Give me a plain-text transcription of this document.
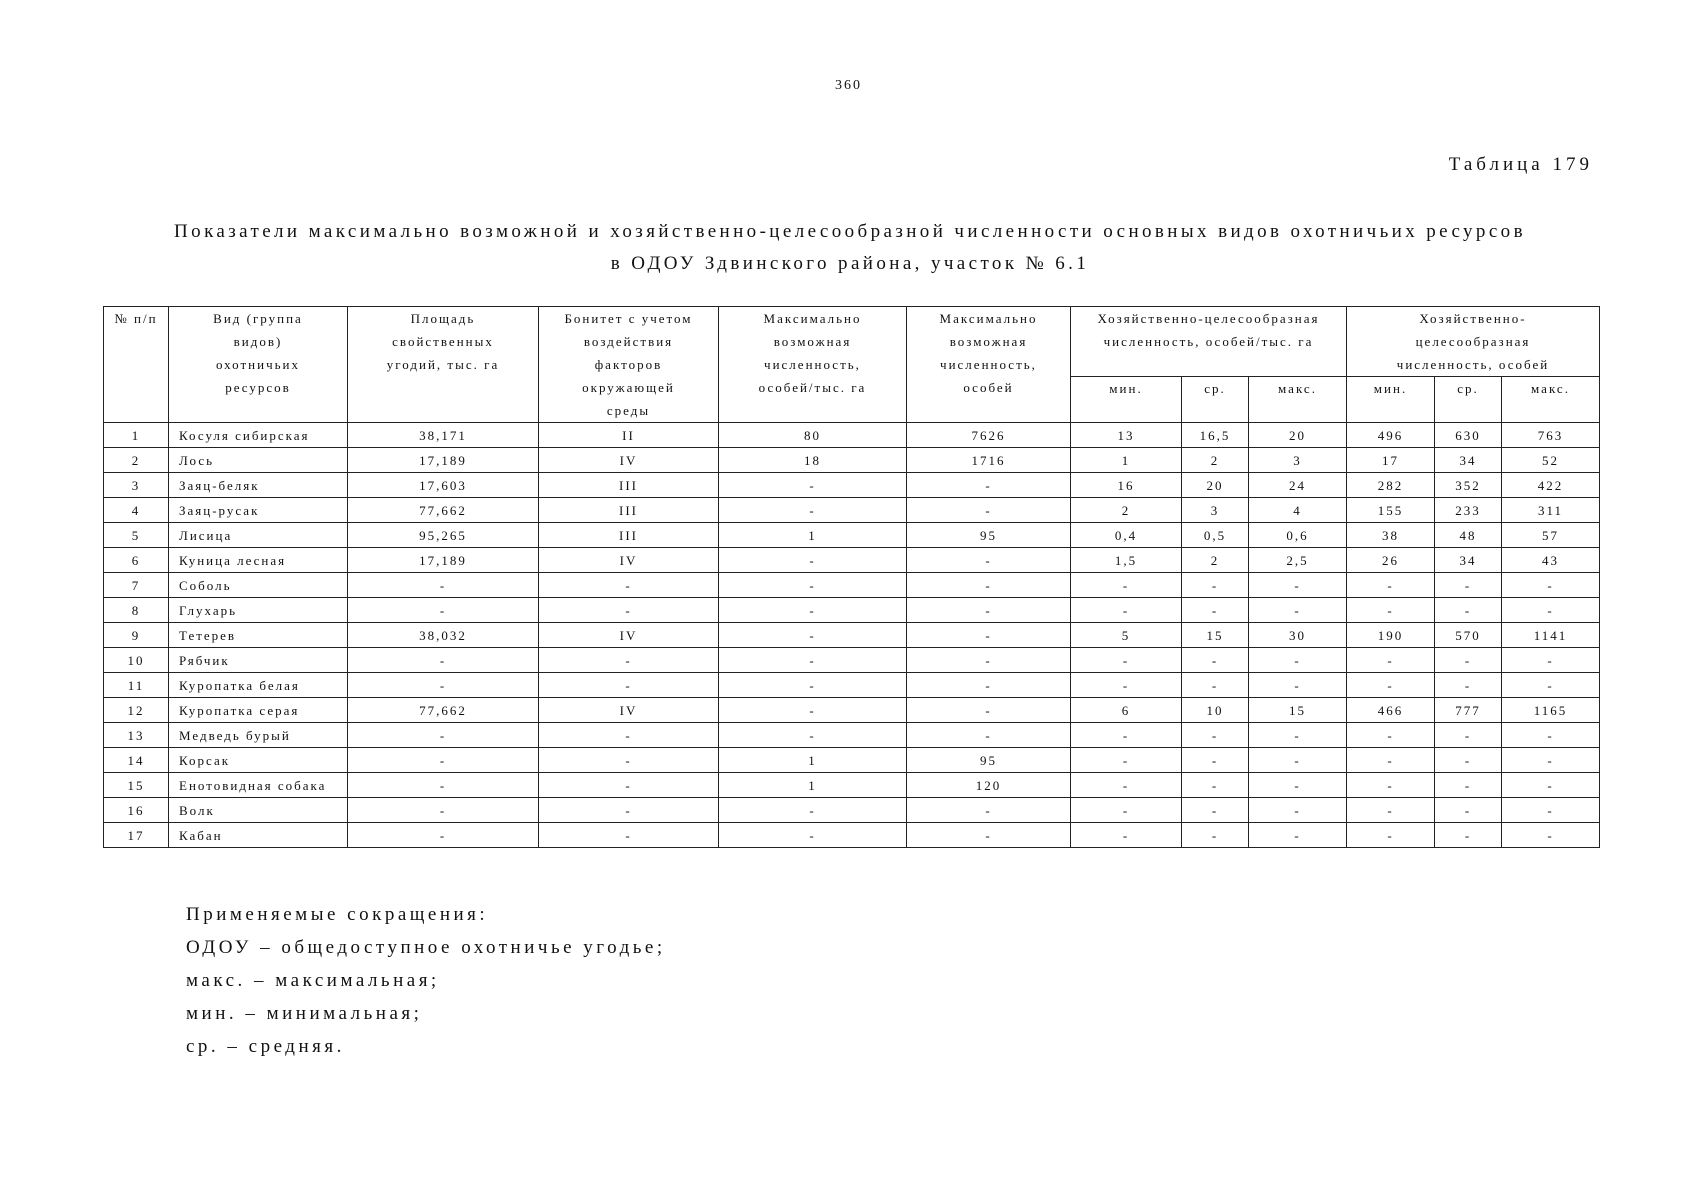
360
Таблица 179
Показатели максимально возможной и хозяйственно-целесообразной численности основных видов охотничьих ресурсов
в ОДОУ Здвинского района, участок № 6.1
№ п/п	Вид (группа видов) охотничьих ресурсов	Площадь свойственных угодий, тыс. га	Бонитет с учетом воздействия факторов окружающей среды	Максимально возможная численность, особей/тыс. га	Максимально возможная численность, особей	Хозяйственно-целесообразная численность, особей/тыс. га			Хозяйственно-целесообразная численность, особей		
						мин.	ср.	макс.	мин.	ср.	макс.
1	Косуля сибирская	38,171	II	80	7626	13	16,5	20	496	630	763
2	Лось	17,189	IV	18	1716	1	2	3	17	34	52
3	Заяц-беляк	17,603	III	-	-	16	20	24	282	352	422
4	Заяц-русак	77,662	III	-	-	2	3	4	155	233	311
5	Лисица	95,265	III	1	95	0,4	0,5	0,6	38	48	57
6	Куница лесная	17,189	IV	-	-	1,5	2	2,5	26	34	43
7	Соболь	-	-	-	-	-	-	-	-	-	-
8	Глухарь	-	-	-	-	-	-	-	-	-	-
9	Тетерев	38,032	IV	-	-	5	15	30	190	570	1141
10	Рябчик	-	-	-	-	-	-	-	-	-	-
11	Куропатка белая	-	-	-	-	-	-	-	-	-	-
12	Куропатка серая	77,662	IV	-	-	6	10	15	466	777	1165
13	Медведь бурый	-	-	-	-	-	-	-	-	-	-
14	Корсак	-	-	1	95	-	-	-	-	-	-
15	Енотовидная собака	-	-	1	120	-	-	-	-	-	-
16	Волк	-	-	-	-	-	-	-	-	-	-
17	Кабан	-	-	-	-	-	-	-	-	-	-
Применяемые сокращения:
ОДОУ – общедоступное охотничье угодье;
макс. – максимальная;
мин. – минимальная;
ср. – средняя.
